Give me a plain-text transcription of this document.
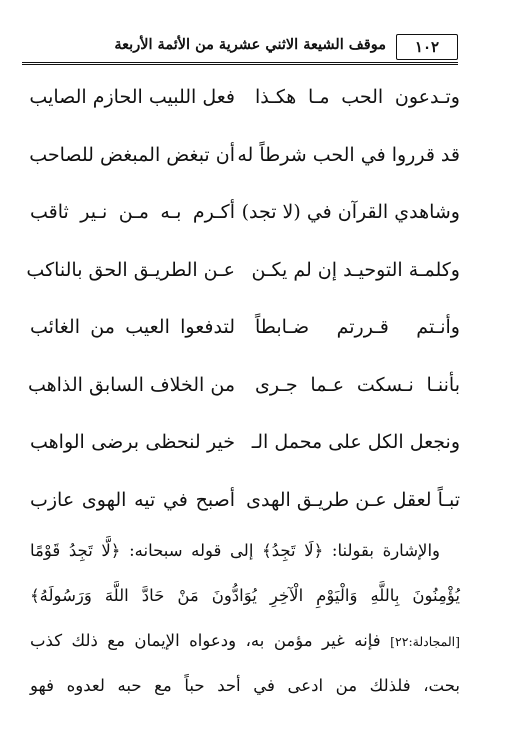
١٠٢
موقف الشيعة الاثني عشرية من الأئمة الأربعة
وتـدعون الحب مـا هكـذا
فعل اللبيب الحازم الصايب
قد قرروا في الحب شرطاً له
أن تبغض المبغض للصاحب
وشاهدي القرآن في (لا تجد)
أكـرم بـه مـن نـير ثاقب
وكلمـة التوحيـد إن لم يكـن
عـن الطريـق الحق بالناكب
وأنـتم قـررتم ضـابطاً
لتدفعوا العيب من الغائب
بأننـا نـسكت عـما جـرى
من الخلاف السابق الذاهب
ونجعل الكل على محمل الـ
خير لنحظى برضى الواهب
تبـاً لعقل عـن طريـق الهدى
أصبح في تيه الهوى عازب
والإشارة بقولنا: ﴿لَا تَجِدُ﴾ إلى قوله سبحانه: ﴿لَّا تَجِدُ قَوْمًا
يُؤْمِنُونَ بِاللَّهِ وَالْيَوْمِ الْآخِرِ يُوَادُّونَ مَنْ حَادَّ اللَّهَ وَرَسُولَهُ﴾
[المجادلة:٢٢] فإنه غير مؤمن به، ودعواه الإيمان مع ذلك كذب
بحت، فلذلك من ادعى في أحد حباً مع حبه لعدوه فهو
